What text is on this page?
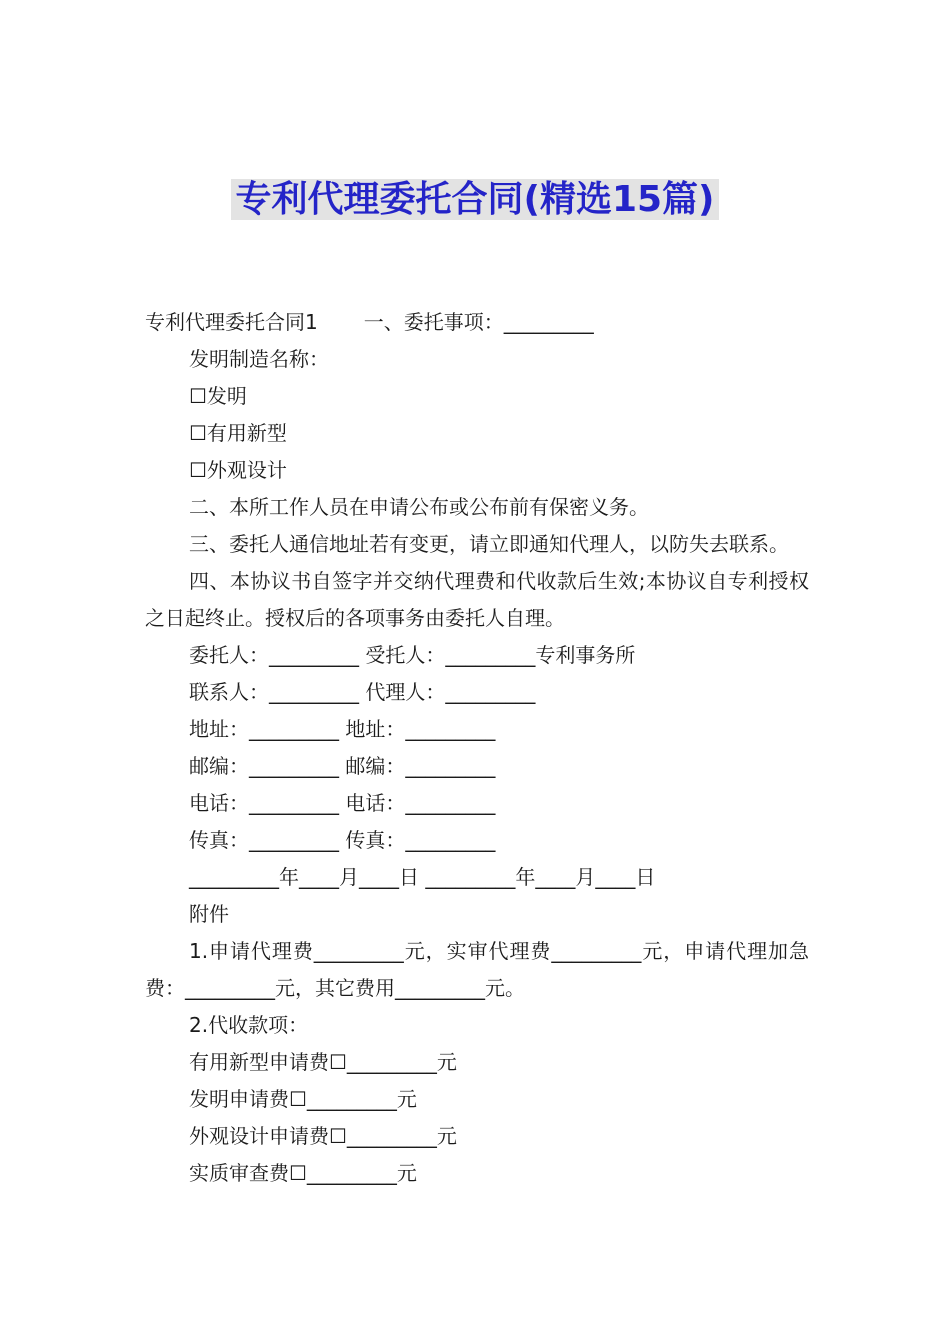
专利代理委托合同(精选15篇)

专利代理委托合同1 一、委托事项：_________

发明制造名称：

☐发明

☐有用新型

☐外观设计

二、本所工作人员在申请公布或公布前有保密义务。

三、委托人通信地址若有变更，请立即通知代理人，以防失去联系。

四、本协议书自签字并交纳代理费和代收款后生效;本协议自专利授权之日起终止。授权后的各项事务由委托人自理。

委托人：_________ 受托人：_________专利事务所

联系人：_________ 代理人：_________

地址：_________ 地址：_________

邮编：_________ 邮编：_________

电话：_________ 电话：_________

传真：_________ 传真：_________

_________年____月____日 _________年____月____日

附件

1.申请代理费_________元，实审代理费_________元，申请代理加急费：_________元，其它费用_________元。

2.代收款项：

有用新型申请费☐_________元

发明申请费☐_________元

外观设计申请费☐_________元

实质审查费☐_________元
